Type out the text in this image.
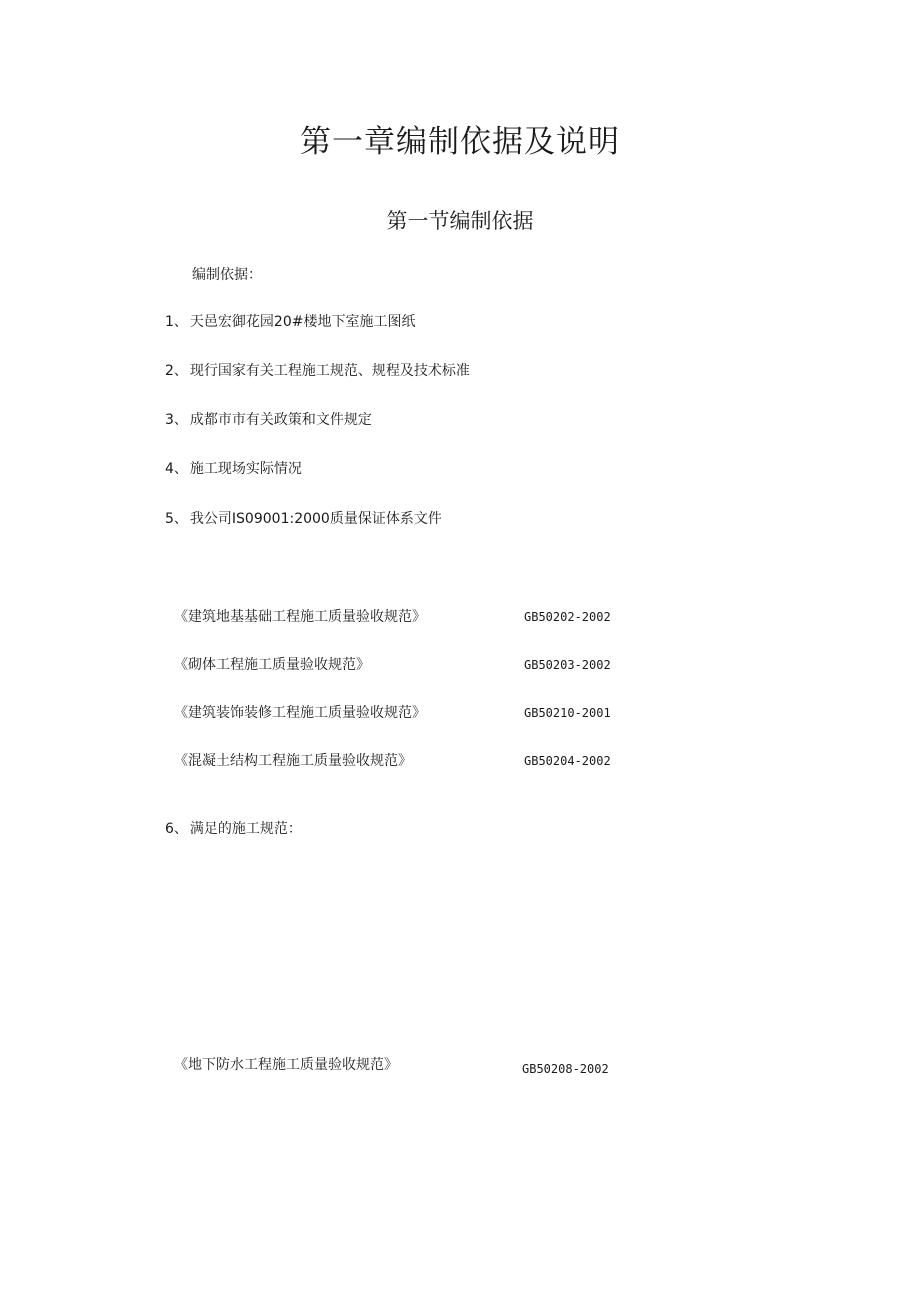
第一章编制依据及说明
第一节编制依据
编制依据：
1、 天邑宏御花园20#楼地下室施工图纸
2、 现行国家有关工程施工规范、规程及技术标准
3、 成都市市有关政策和文件规定
4、 施工现场实际情况
5、 我公司IS09001:2000质量保证体系文件
《建筑地基基础工程施工质量验收规范》	GB50202-2002
《砌体工程施工质量验收规范》	GB50203-2002
《建筑装饰装修工程施工质量验收规范》	GB50210-2001
《混凝土结构工程施工质量验收规范》	GB50204-2002
6、 满足的施工规范：
《地下防水工程施工质量验收规范》	GB50208-2002
